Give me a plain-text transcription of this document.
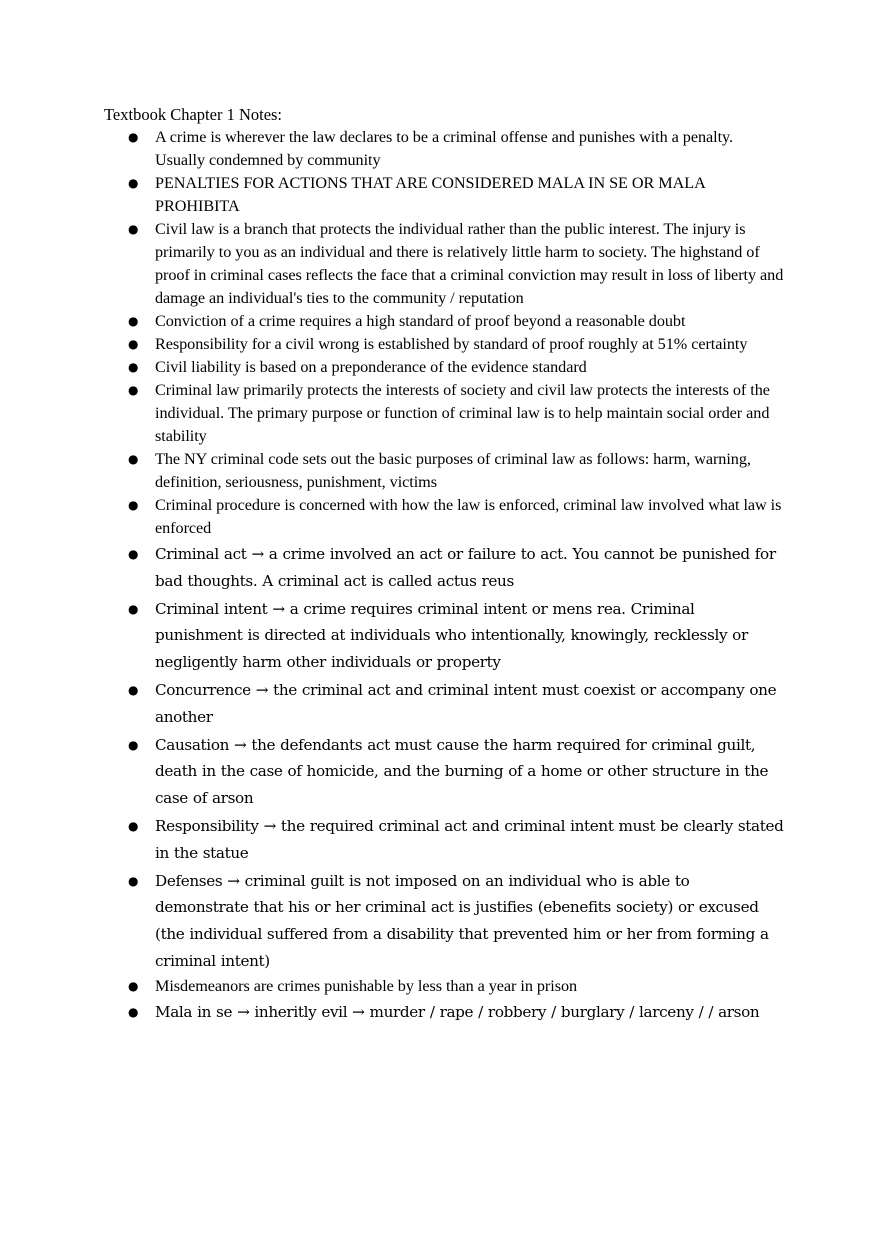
Textbook Chapter 1 Notes:
● A crime is wherever the law declares to be a criminal offense and punishes with a penalty. Usually condemned by community
● PENALTIES FOR ACTIONS THAT ARE CONSIDERED MALA IN SE OR MALA PROHIBITA
● Civil law is a branch that protects the individual rather than the public interest. The injury is primarily to you as an individual and there is relatively little harm to society. The highstand of proof in criminal cases reflects the face that a criminal conviction may result in loss of liberty and damage an individual's ties to the community / reputation
● Conviction of a crime requires a high standard of proof beyond a reasonable doubt
● Responsibility for a civil wrong is established by standard of proof roughly at 51% certainty
● Civil liability is based on a preponderance of the evidence standard
● Criminal law primarily protects the interests of society and civil law protects the interests of the individual. The primary purpose or function of criminal law is to help maintain social order and stability
● The NY criminal code sets out the basic purposes of criminal law as follows: harm, warning, definition, seriousness, punishment, victims
● Criminal procedure is concerned with how the law is enforced, criminal law involved what law is enforced
● Criminal act → a crime involved an act or failure to act. You cannot be punished for bad thoughts. A criminal act is called actus reus
● Criminal intent → a crime requires criminal intent or mens rea. Criminal punishment is directed at individuals who intentionally, knowingly, recklessly or negligently harm other individuals or property
● Concurrence → the criminal act and criminal intent must coexist or accompany one another
● Causation → the defendants act must cause the harm required for criminal guilt, death in the case of homicide, and the burning of a home or other structure in the case of arson
● Responsibility → the required criminal act and criminal intent must be clearly stated in the statue
● Defenses → criminal guilt is not imposed on an individual who is able to demonstrate that his or her criminal act is justifies (ebenefits society) or excused (the individual suffered from a disability that prevented him or her from forming a criminal intent)
● Misdemeanors are crimes punishable by less than a year in prison
● Mala in se → inheritly evil → murder / rape / robbery / burglary / larceny / / arson
